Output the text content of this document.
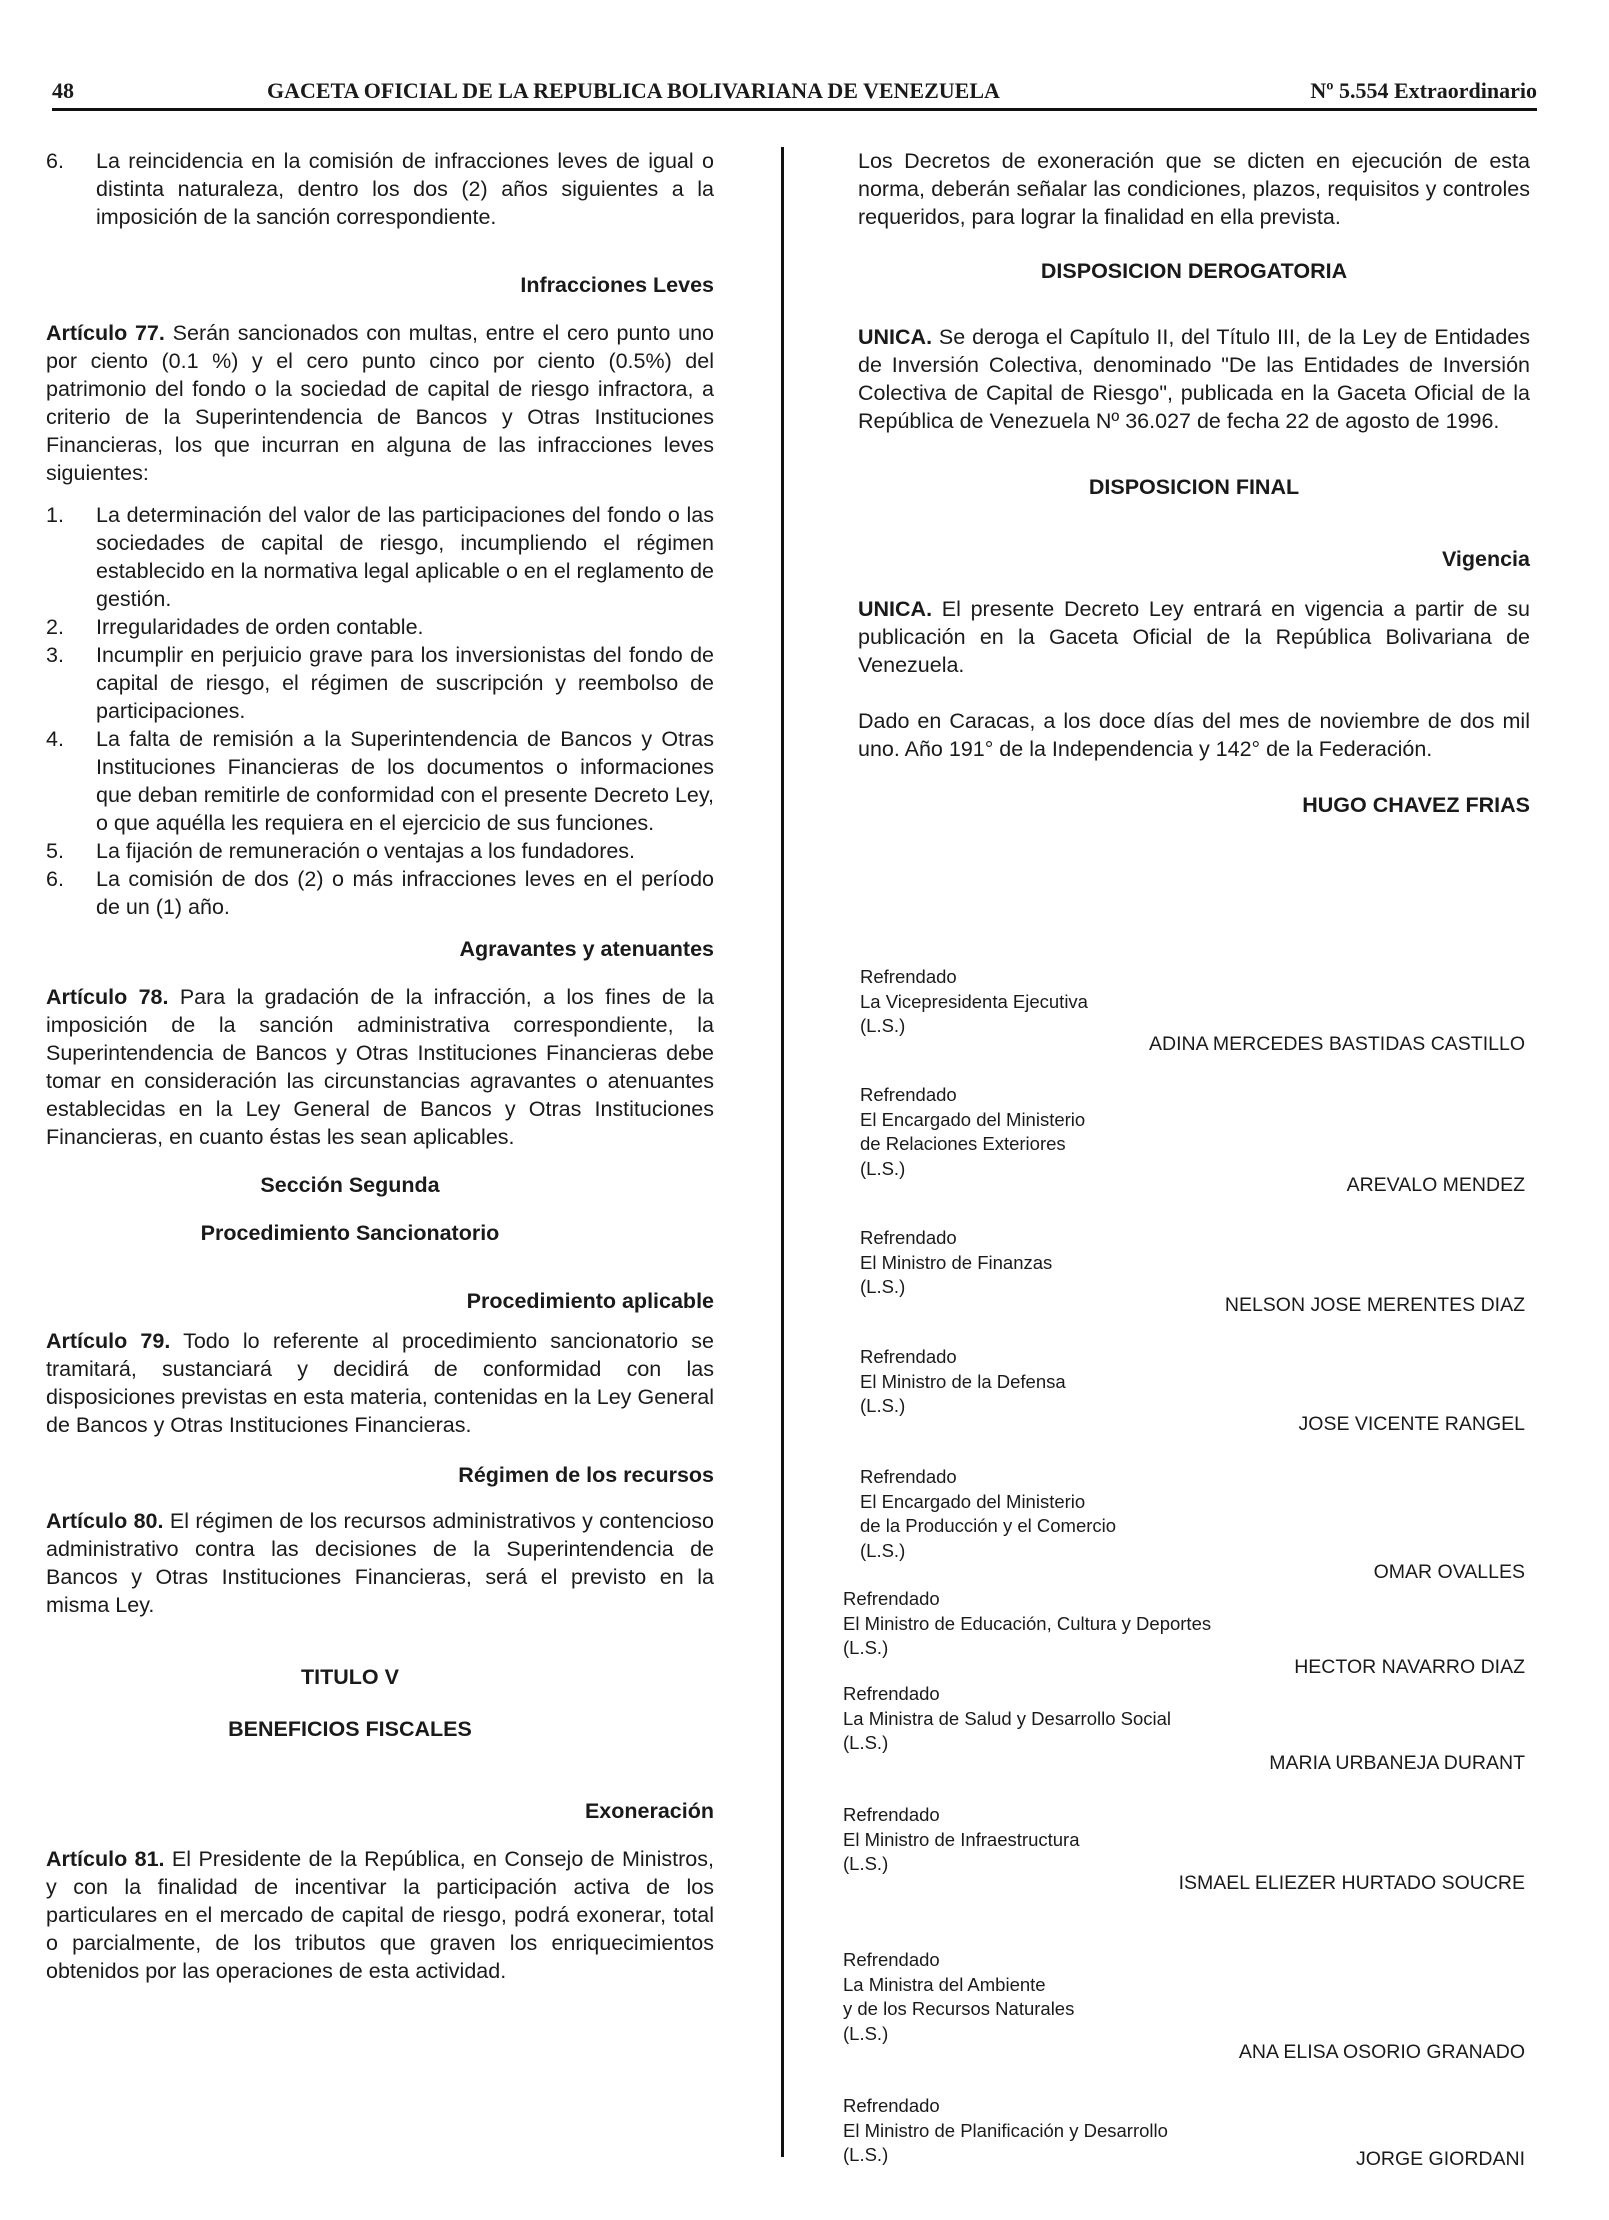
48	GACETA OFICIAL DE LA REPUBLICA BOLIVARIANA DE VENEZUELA	Nº 5.554 Extraordinario
6. La reincidencia en la comisión de infracciones leves de igual o distinta naturaleza, dentro los dos (2) años siguientes a la imposición de la sanción correspondiente.

Infracciones Leves

Artículo 77. Serán sancionados con multas, entre el cero punto uno por ciento (0.1 %) y el cero punto cinco por ciento (0.5%) del patrimonio del fondo o la sociedad de capital de riesgo infractora, a criterio de la Superintendencia de Bancos y Otras Instituciones Financieras, los que incurran en alguna de las infracciones leves siguientes:

1. La determinación del valor de las participaciones del fondo o las sociedades de capital de riesgo, incumpliendo el régimen establecido en la normativa legal aplicable o en el reglamento de gestión.
2. Irregularidades de orden contable.
3. Incumplir en perjuicio grave para los inversionistas del fondo de capital de riesgo, el régimen de suscripción y reembolso de participaciones.
4. La falta de remisión a la Superintendencia de Bancos y Otras Instituciones Financieras de los documentos o informaciones que deban remitirle de conformidad con el presente Decreto Ley, o que aquélla les requiera en el ejercicio de sus funciones.
5. La fijación de remuneración o ventajas a los fundadores.
6. La comisión de dos (2) o más infracciones leves en el período de un (1) año.

Agravantes y atenuantes

Artículo 78. Para la gradación de la infracción, a los fines de la imposición de la sanción administrativa correspondiente, la Superintendencia de Bancos y Otras Instituciones Financieras debe tomar en consideración las circunstancias agravantes o atenuantes establecidas en la Ley General de Bancos y Otras Instituciones Financieras, en cuanto éstas les sean aplicables.

Sección Segunda

Procedimiento Sancionatorio

Procedimiento aplicable

Artículo 79. Todo lo referente al procedimiento sancionatorio se tramitará, sustanciará y decidirá de conformidad con las disposiciones previstas en esta materia, contenidas en la Ley General de Bancos y Otras Instituciones Financieras.

Régimen de los recursos

Artículo 80. El régimen de los recursos administrativos y contencioso administrativo contra las decisiones de la Superintendencia de Bancos y Otras Instituciones Financieras, será el previsto en la misma Ley.

TITULO V

BENEFICIOS FISCALES

Exoneración

Artículo 81. El Presidente de la República, en Consejo de Ministros, y con la finalidad de incentivar la participación activa de los particulares en el mercado de capital de riesgo, podrá exonerar, total o parcialmente, de los tributos que graven los enriquecimientos obtenidos por las operaciones de esta actividad.

Los Decretos de exoneración que se dicten en ejecución de esta norma, deberán señalar las condiciones, plazos, requisitos y controles requeridos, para lograr la finalidad en ella prevista.

DISPOSICION DEROGATORIA

UNICA. Se deroga el Capítulo II, del Título III, de la Ley de Entidades de Inversión Colectiva, denominado "De las Entidades de Inversión Colectiva de Capital de Riesgo", publicada en la Gaceta Oficial de la República de Venezuela Nº 36.027 de fecha 22 de agosto de 1996.

DISPOSICION FINAL

Vigencia

UNICA. El presente Decreto Ley entrará en vigencia a partir de su publicación en la Gaceta Oficial de la República Bolivariana de Venezuela.

Dado en Caracas, a los doce días del mes de noviembre de dos mil uno. Año 191° de la Independencia y 142° de la Federación.

HUGO CHAVEZ FRIAS

Refrendado

La Vicepresidenta Ejecutiva

(L.S.)

ADINA MERCEDES BASTIDAS CASTILLO

Refrendado

El Encargado del Ministerio

de Relaciones Exteriores

(L.S.)

AREVALO MENDEZ

Refrendado

El Ministro de Finanzas

(L.S.)

NELSON JOSE MERENTES DIAZ

Refrendado

El Ministro de la Defensa

(L.S.)

JOSE VICENTE RANGEL

Refrendado

El Encargado del Ministerio

de la Producción y el Comercio

(L.S.)

OMAR OVALLES

Refrendado

El Ministro de Educación, Cultura y Deportes

(L.S.)

HECTOR NAVARRO DIAZ

Refrendado

La Ministra de Salud y Desarrollo Social

(L.S.)

MARIA URBANEJA DURANT

Refrendado

El Ministro de Infraestructura

(L.S.)

ISMAEL ELIEZER HURTADO SOUCRE

Refrendado

La Ministra del Ambiente

y de los Recursos Naturales

(L.S.)

ANA ELISA OSORIO GRANADO

Refrendado

El Ministro de Planificación y Desarrollo

(L.S.)	JORGE GIORDANI
